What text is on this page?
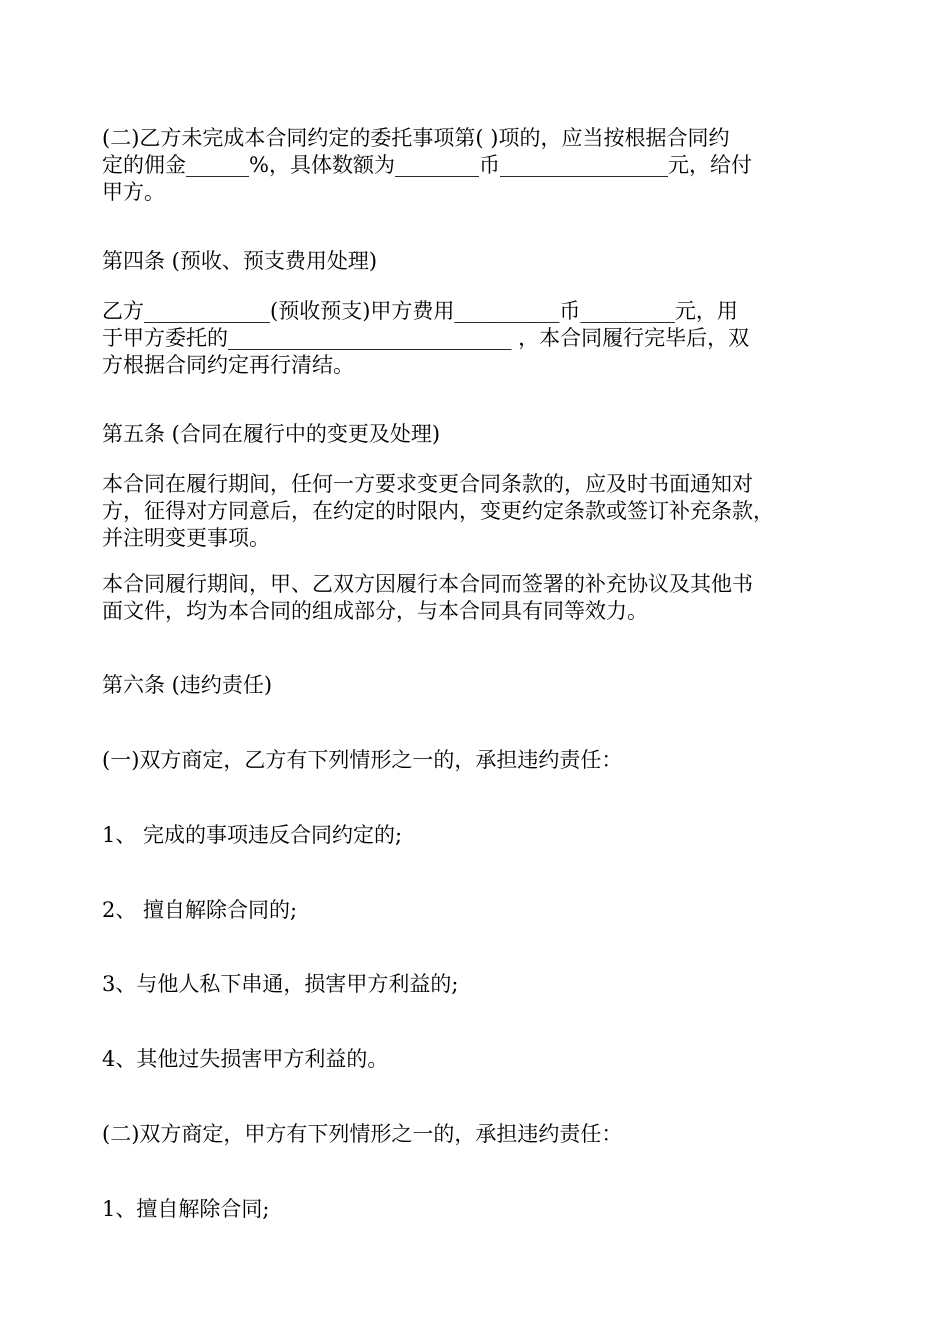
(二)乙方未完成本合同约定的委托事项第( )项的，应当按根据合同约
定的佣金______%，具体数额为________币________________元，给付
甲方。
第四条 (预收、预支费用处理)
乙方____________(预收预支)甲方费用__________币_________元，用
于甲方委托的___________________________ ，本合同履行完毕后，双
方根据合同约定再行清结。
第五条 (合同在履行中的变更及处理)
本合同在履行期间，任何一方要求变更合同条款的，应及时书面通知对
方，征得对方同意后，在约定的时限内，变更约定条款或签订补充条款，
并注明变更事项。
本合同履行期间，甲、乙双方因履行本合同而签署的补充协议及其他书
面文件，均为本合同的组成部分，与本合同具有同等效力。
第六条 (违约责任)
(一)双方商定，乙方有下列情形之一的，承担违约责任：
1、 完成的事项违反合同约定的;
2、 擅自解除合同的;
3、与他人私下串通，损害甲方利益的;
4、其他过失损害甲方利益的。
(二)双方商定，甲方有下列情形之一的，承担违约责任：
1、擅自解除合同;
